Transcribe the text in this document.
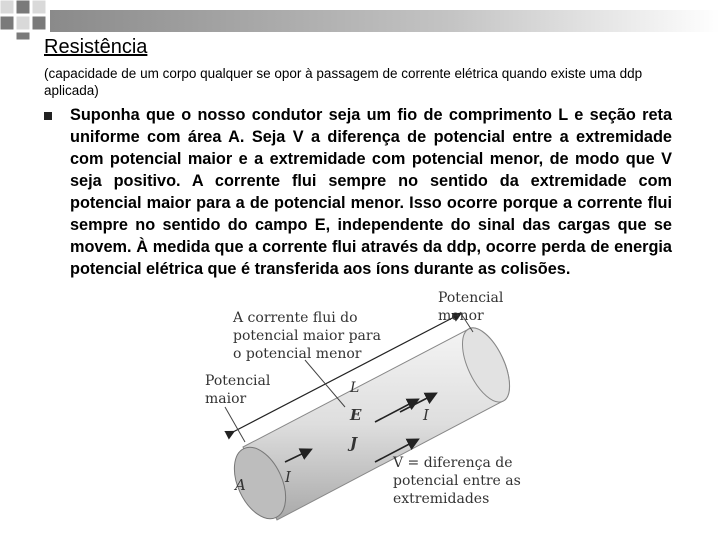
Resistência
(capacidade de um corpo qualquer se opor à passagem de corrente elétrica quando existe uma ddp aplicada)
Suponha que o nosso condutor seja um fio de comprimento L e seção reta uniforme com área A. Seja V a diferença de potencial entre a extremidade com potencial maior e a extremidade com potencial menor, de modo que V seja positivo. A corrente flui sempre no sentido da extremidade com potencial maior para a de potencial menor. Isso ocorre porque a corrente flui sempre no sentido do campo E, independente do sinal das cargas que se movem. À medida que a corrente flui através da ddp, ocorre perda de energia potencial elétrica que é transferida aos íons durante as colisões.
A corrente flui do potencial maior para o potencial menor
Potencial maior
Potencial menor
L
E
J
I
I
A
V = diferença de potencial entre as extremidades
